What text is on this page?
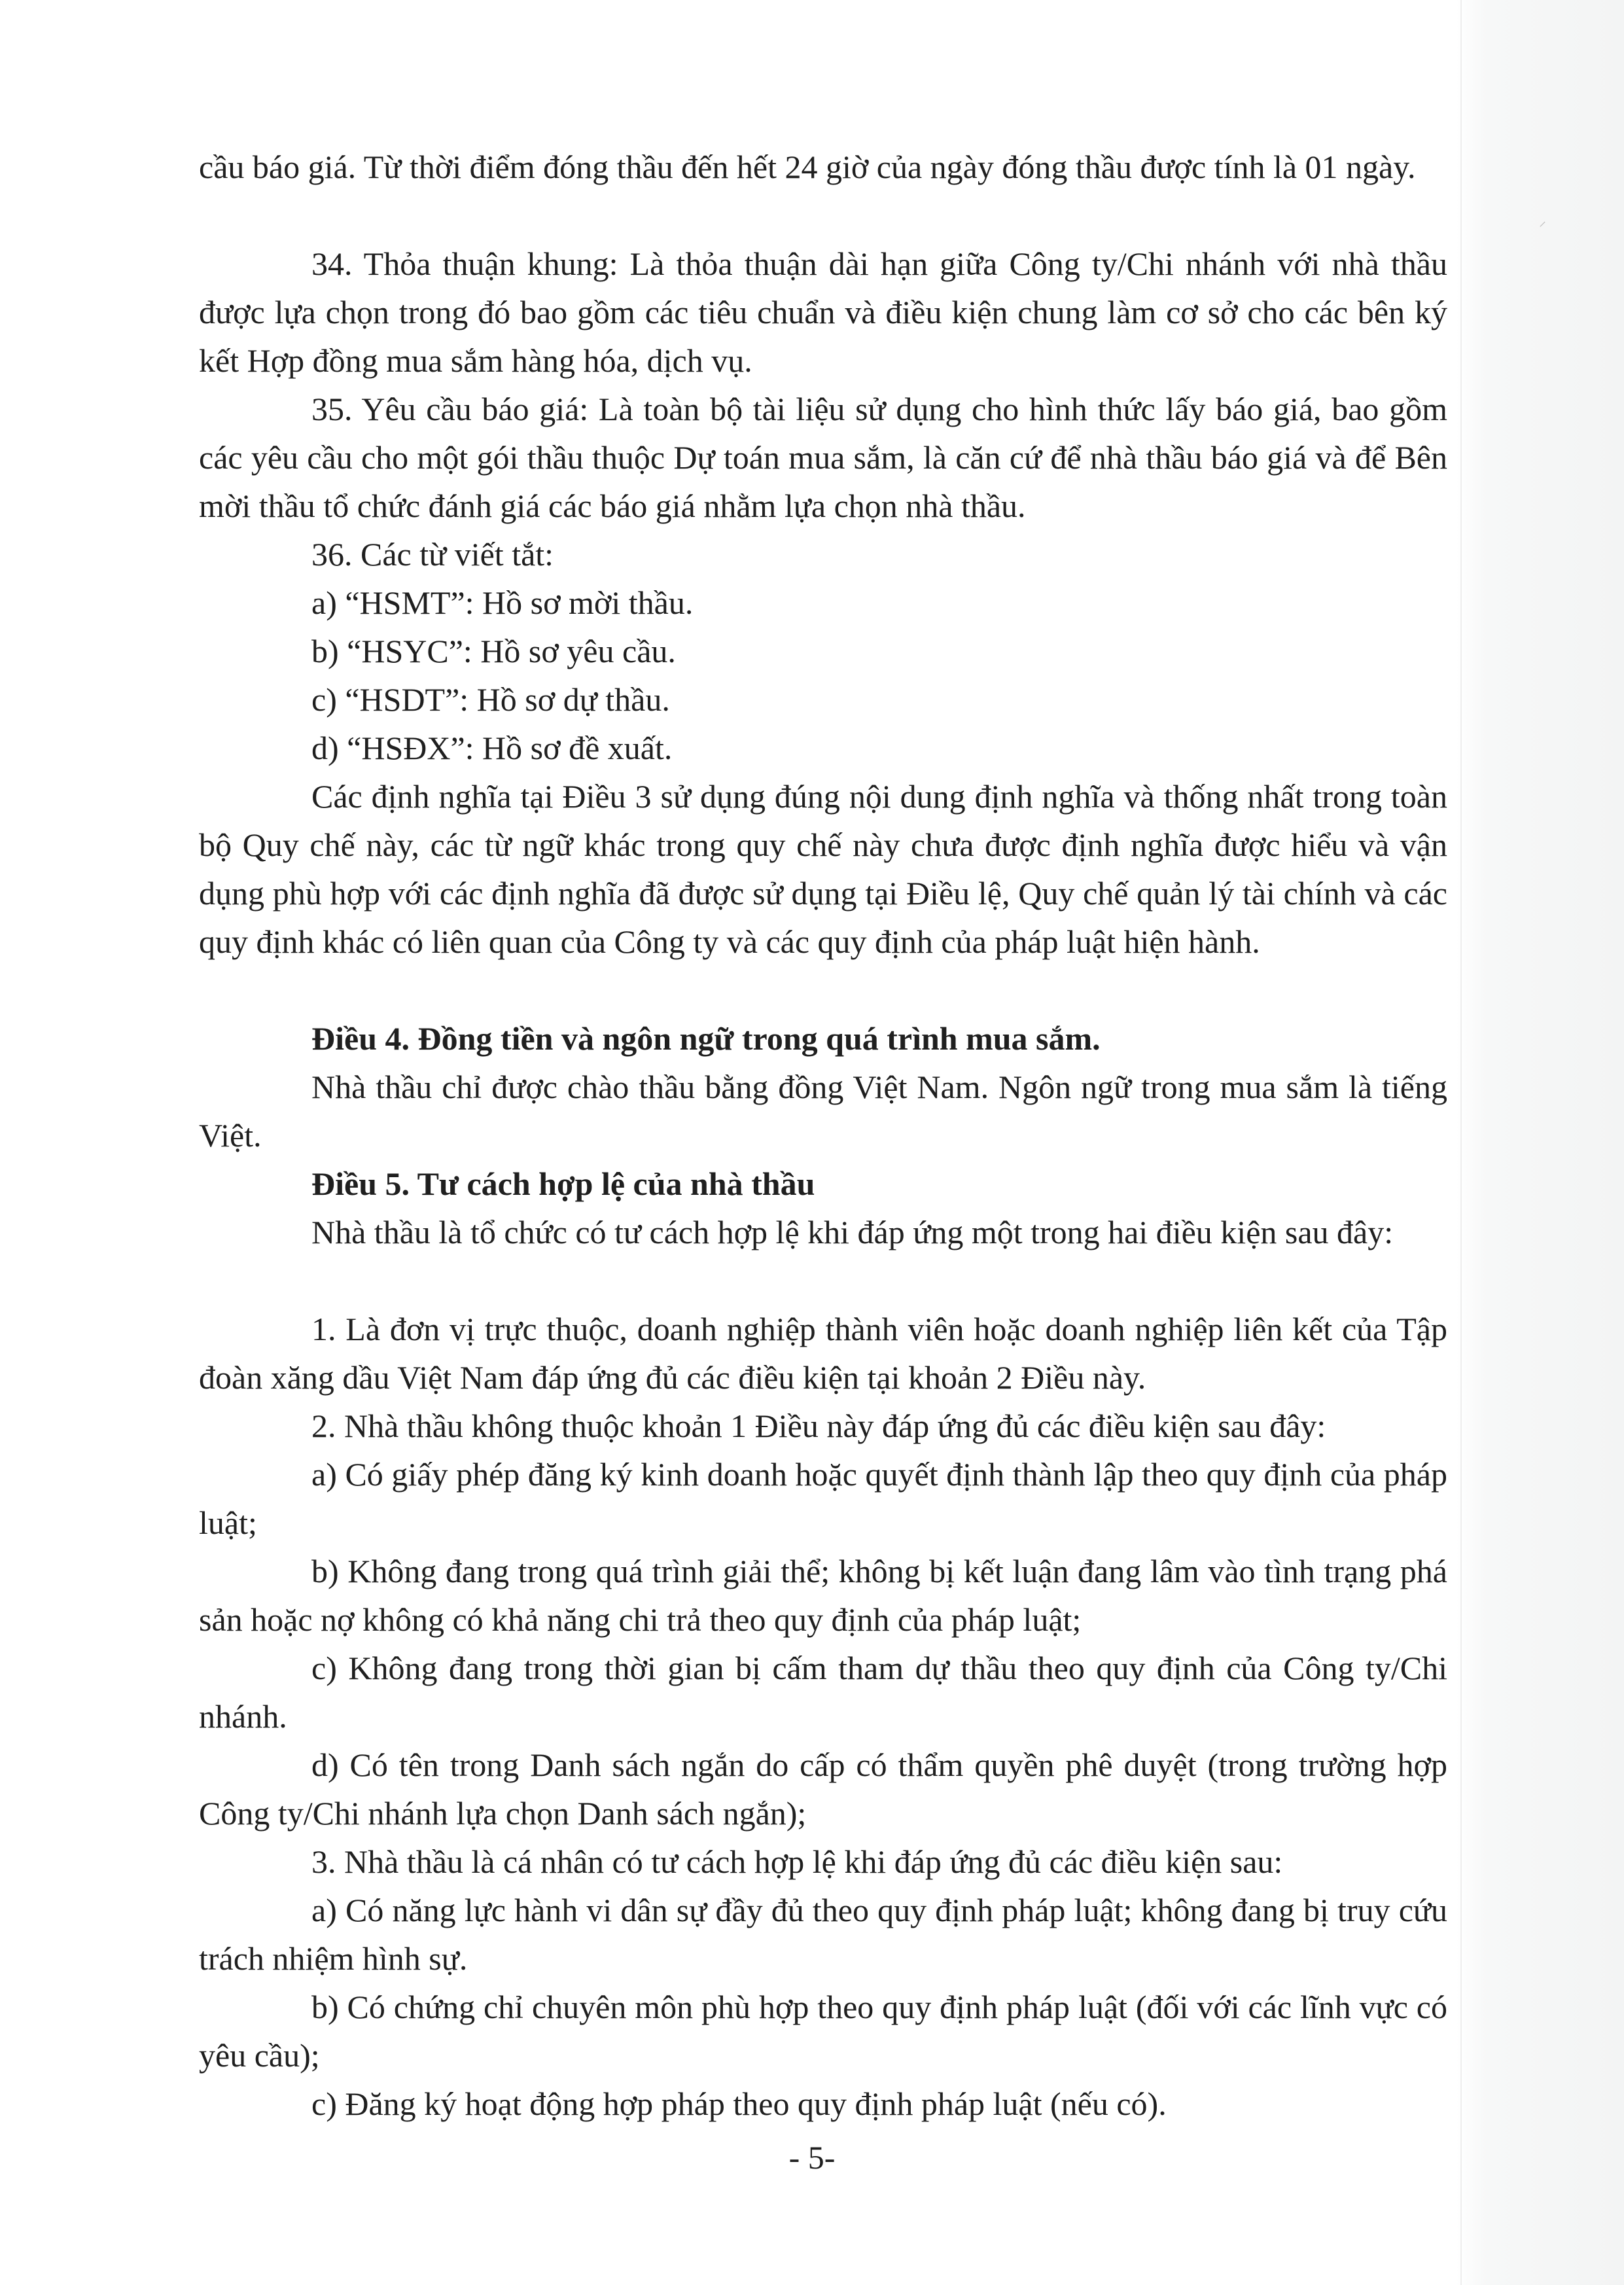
⸝

cầu báo giá. Từ thời điểm đóng thầu đến hết 24 giờ của ngày đóng thầu được tính là 01 ngày.

34. Thỏa thuận khung: Là thỏa thuận dài hạn giữa Công ty/Chi nhánh với nhà thầu được lựa chọn trong đó bao gồm các tiêu chuẩn và điều kiện chung làm cơ sở cho các bên ký kết Hợp đồng mua sắm hàng hóa, dịch vụ.

35. Yêu cầu báo giá: Là toàn bộ tài liệu sử dụng cho hình thức lấy báo giá, bao gồm các yêu cầu cho một gói thầu thuộc Dự toán mua sắm, là căn cứ để nhà thầu báo giá và để Bên mời thầu tổ chức đánh giá các báo giá nhằm lựa chọn nhà thầu.

36. Các từ viết tắt:

a) “HSMT”: Hồ sơ mời thầu.

b) “HSYC”: Hồ sơ yêu cầu.

c) “HSDT”: Hồ sơ dự thầu.

d) “HSĐX”: Hồ sơ đề xuất.

Các định nghĩa tại Điều 3 sử dụng đúng nội dung định nghĩa và thống nhất trong toàn bộ Quy chế này, các từ ngữ khác trong quy chế này chưa được định nghĩa được hiểu và vận dụng phù hợp với các định nghĩa đã được sử dụng tại Điều lệ, Quy chế quản lý tài chính và các quy định khác có liên quan của Công ty và các quy định của pháp luật hiện hành.

Điều 4. Đồng tiền và ngôn ngữ trong quá trình mua sắm.

Nhà thầu chỉ được chào thầu bằng đồng Việt Nam. Ngôn ngữ trong mua sắm là tiếng Việt.

Điều 5. Tư cách hợp lệ của nhà thầu

Nhà thầu là tổ chức có tư cách hợp lệ khi đáp ứng một trong hai điều kiện sau đây:

1. Là đơn vị trực thuộc, doanh nghiệp thành viên hoặc doanh nghiệp liên kết của Tập đoàn xăng dầu Việt Nam đáp ứng đủ các điều kiện tại khoản 2 Điều này.

2. Nhà thầu không thuộc khoản 1 Điều này đáp ứng đủ các điều kiện sau đây:

a) Có giấy phép đăng ký kinh doanh hoặc quyết định thành lập theo quy định của pháp luật;

b) Không đang trong quá trình giải thể; không bị kết luận đang lâm vào tình trạng phá sản hoặc nợ không có khả năng chi trả theo quy định của pháp luật;

c) Không đang trong thời gian bị cấm tham dự thầu theo quy định của Công ty/Chi nhánh.

d) Có tên trong Danh sách ngắn do cấp có thẩm quyền phê duyệt (trong trường hợp Công ty/Chi nhánh lựa chọn Danh sách ngắn);

3. Nhà thầu là cá nhân có tư cách hợp lệ khi đáp ứng đủ các điều kiện sau:

a) Có năng lực hành vi dân sự đầy đủ theo quy định pháp luật; không đang bị truy cứu trách nhiệm hình sự.

b) Có chứng chỉ chuyên môn phù hợp theo quy định pháp luật (đối với các lĩnh vực có yêu cầu);

c) Đăng ký hoạt động hợp pháp theo quy định pháp luật (nếu có).

- 5-
